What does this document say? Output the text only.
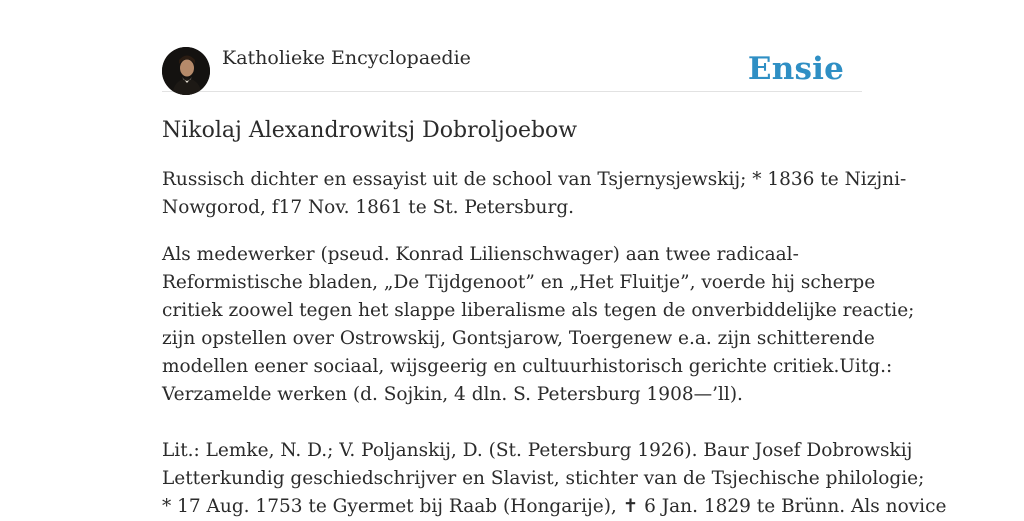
Katholieke Encyclopaedie	Ensie
Nikolaj Alexandrowitsj Dobroljoebow

Russisch dichter en essayist uit de school van Tsjernysjewskij; * 1836 te Nizjni-
Nowgorod, f17 Nov. 1861 te St. Petersburg.

Als medewerker (pseud. Konrad Lilienschwager) aan twee radicaal-
Reformistische bladen, „De Tijdgenoot” en „Het Fluitje”, voerde hij scherpe
critiek zoowel tegen het slappe liberalisme als tegen de onverbiddelijke reactie;
zijn opstellen over Ostrowskij, Gontsjarow, Toergenew e.a. zijn schitterende
modellen eener sociaal, wijsgeerig en cultuurhistorisch gerichte critiek.Uitg.:
Verzamelde werken (d. Sojkin, 4 dln. S. Petersburg 1908—’ll).

Lit.: Lemke, N. D.; V. Poljanskij, D. (St. Petersburg 1926). Baur Josef Dobrowskij
Letterkundig geschiedschrijver en Slavist, stichter van de Tsjechische philologie;
* 17 Aug. 1753 te Gyermet bij Raab (Hongarije), ✝ 6 Jan. 1829 te Brünn. Als novice
